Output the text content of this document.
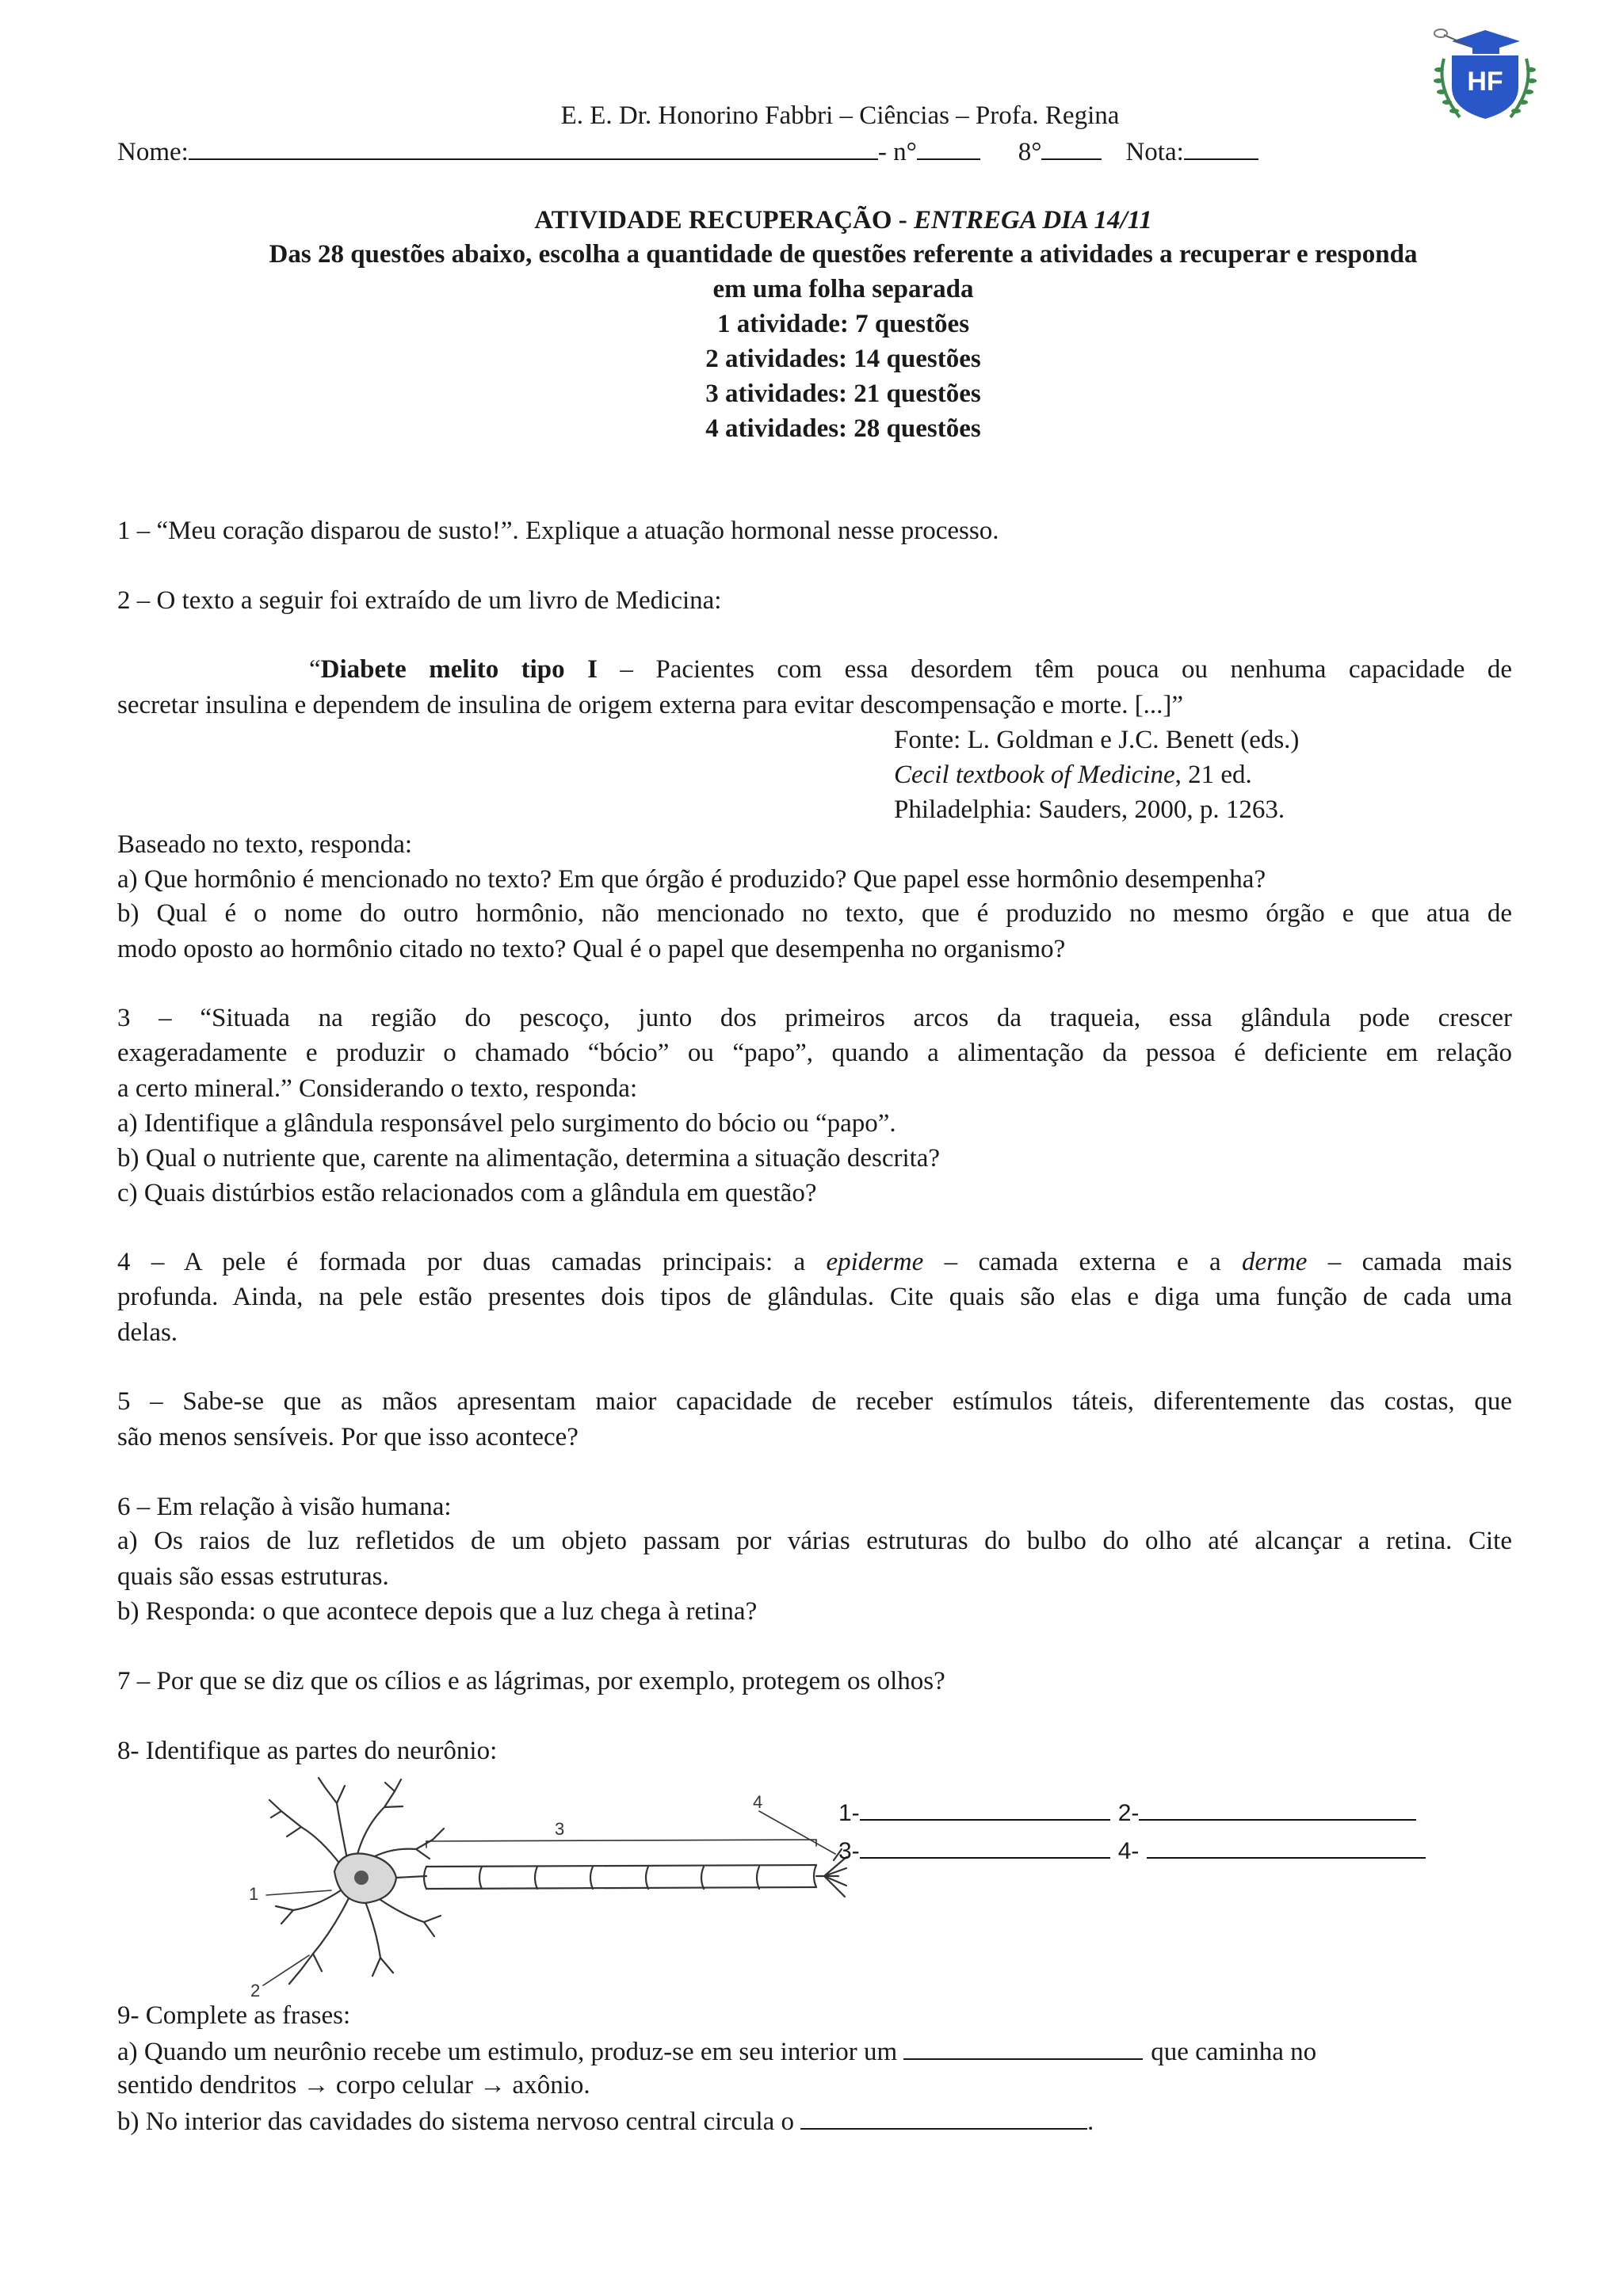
HF
E. E. Dr. Honorino Fabbri – Ciências – Profa. Regina
Nome:	- n°	8°	Nota:
ATIVIDADE RECUPERAÇÃO - ENTREGA DIA 14/11
Das 28 questões abaixo, escolha a quantidade de questões referente a atividades a recuperar e responda
em uma folha separada
1 atividade: 7 questões
2 atividades: 14 questões
3 atividades: 21 questões
4 atividades: 28 questões
1 – “Meu coração disparou de susto!”. Explique a atuação hormonal nesse processo.
2 – O texto a seguir foi extraído de um livro de Medicina:
“Diabete melito tipo I – Pacientes com essa desordem têm pouca ou nenhuma capacidade de
secretar insulina e dependem de insulina de origem externa para evitar descompensação e morte. [...]”
Fonte: L. Goldman e J.C. Benett (eds.)
Cecil textbook of Medicine, 21 ed.
Philadelphia: Sauders, 2000, p. 1263.
Baseado no texto, responda:
a) Que hormônio é mencionado no texto? Em que órgão é produzido? Que papel esse hormônio desempenha?
b) Qual é o nome do outro hormônio, não mencionado no texto, que é produzido no mesmo órgão e que atua de
modo oposto ao hormônio citado no texto? Qual é o papel que desempenha no organismo?
3 – “Situada na região do pescoço, junto dos primeiros arcos da traqueia, essa glândula pode crescer
exageradamente e produzir o chamado “bócio” ou “papo”, quando a alimentação da pessoa é deficiente em relação
a certo mineral.” Considerando o texto, responda:
a) Identifique a glândula responsável pelo surgimento do bócio ou “papo”.
b) Qual o nutriente que, carente na alimentação, determina a situação descrita?
c) Quais distúrbios estão relacionados com a glândula em questão?
4 – A pele é formada por duas camadas principais: a epiderme – camada externa e a derme – camada mais
profunda. Ainda, na pele estão presentes dois tipos de glândulas. Cite quais são elas e diga uma função de cada uma
delas.
5 – Sabe-se que as mãos apresentam maior capacidade de receber estímulos táteis, diferentemente das costas, que
são menos sensíveis. Por que isso acontece?
6 – Em relação à visão humana:
a) Os raios de luz refletidos de um objeto passam por várias estruturas do bulbo do olho até alcançar a retina. Cite
quais são essas estruturas.
b) Responda: o que acontece depois que a luz chega à retina?
7 – Por que se diz que os cílios e as lágrimas, por exemplo, protegem os olhos?
8- Identifique as partes do neurônio:
1
2
3
4	1-	2-
3-	4-
9- Complete as frases:
a) Quando um neurônio recebe um estimulo, produz-se em seu interior um	que caminha no
sentido dendritos → corpo celular → axônio.
b) No interior das cavidades do sistema nervoso central circula o	.
